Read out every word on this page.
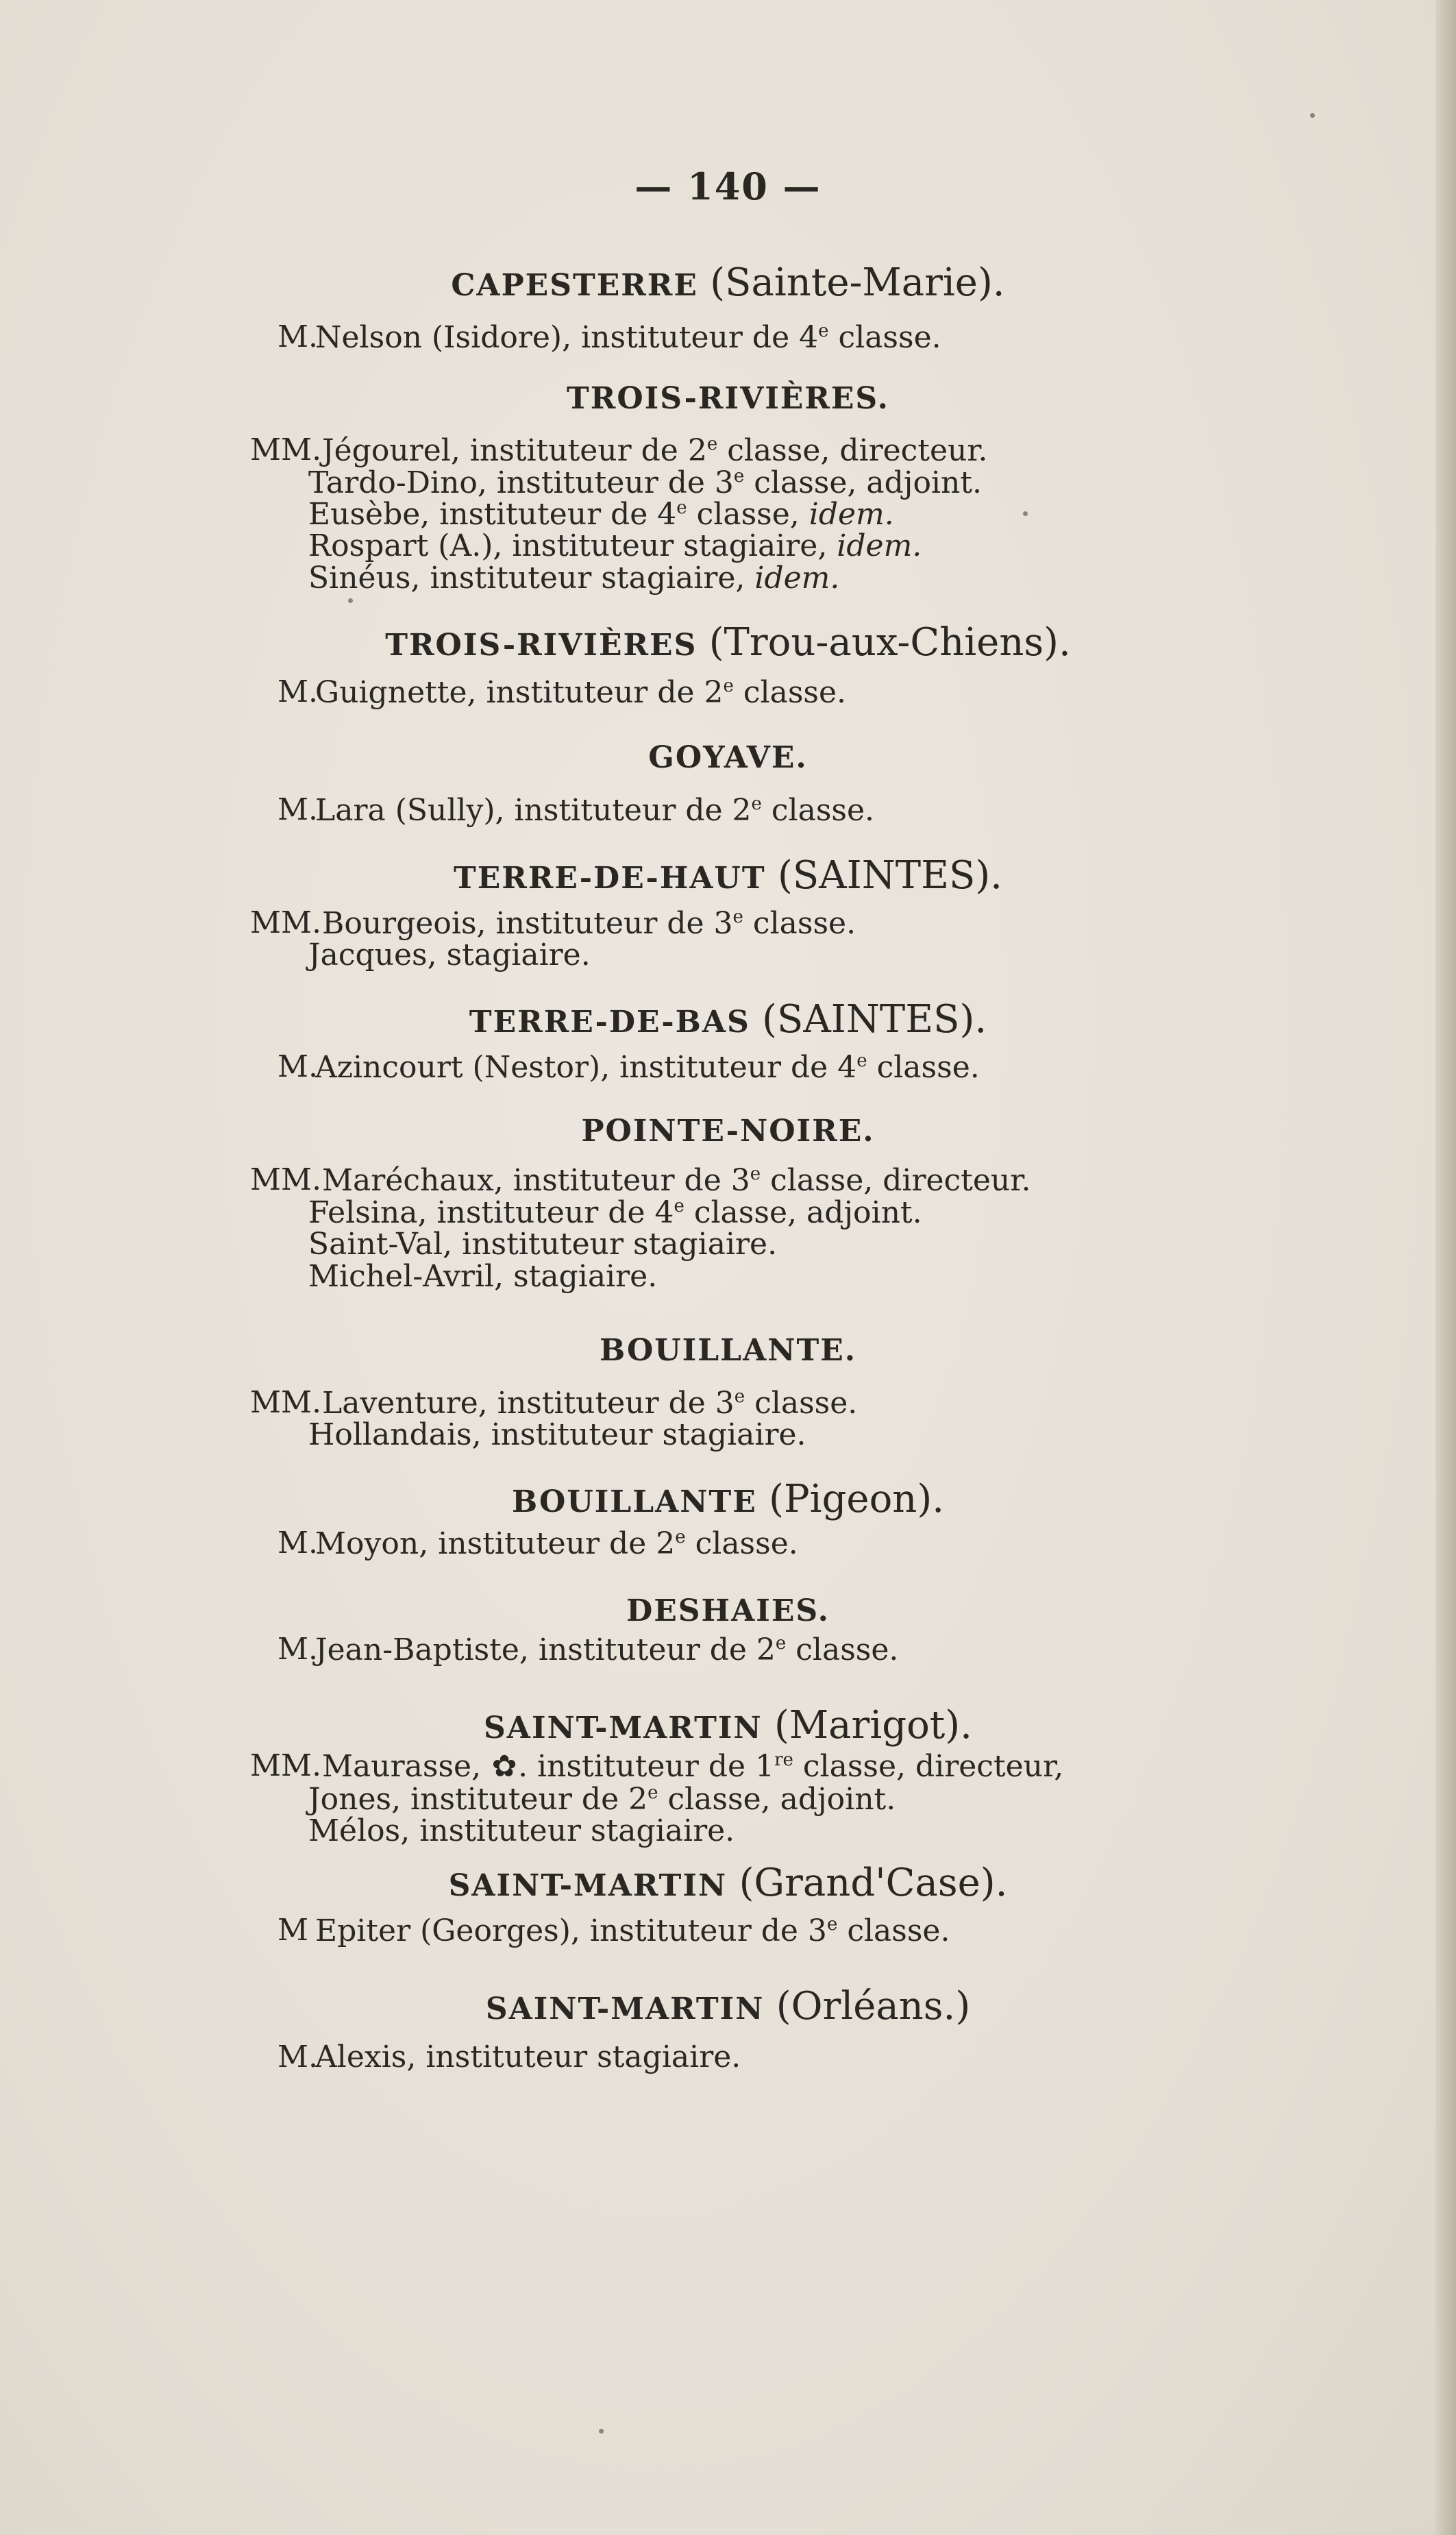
— 140 —
CAPESTERRE (Sainte-Marie).
M.
Nelson (Isidore), instituteur de 4e classe.
TROIS-RIVIÈRES.
MM. Jégourel, instituteur de 2e classe, directeur.
Tardo-Dino, instituteur de 3e classe, adjoint.
Eusèbe, instituteur de 4e classe, idem.
Rospart (A.), instituteur stagiaire, idem.
Sinéus, instituteur stagiaire, idem.
TROIS-RIVIÈRES (Trou-aux-Chiens).
M.
Guignette, instituteur de 2e classe.
GOYAVE.
M.
Lara (Sully), instituteur de 2e classe.
TERRE-DE-HAUT (SAINTES).
MM. Bourgeois, instituteur de 3e classe.
Jacques, stagiaire.
TERRE-DE-BAS (SAINTES).
M.
Azincourt (Nestor), instituteur de 4e classe.
POINTE-NOIRE.
MM. Maréchaux, instituteur de 3e classe, directeur.
Felsina, instituteur de 4e classe, adjoint.
Saint-Val, instituteur stagiaire.
Michel-Avril, stagiaire.
BOUILLANTE.
MM. Laventure, instituteur de 3e classe.
Hollandais, instituteur stagiaire.
BOUILLANTE (Pigeon).
M.
Moyon, instituteur de 2e classe.
DESHAIES.
M.
Jean-Baptiste, instituteur de 2e classe.
SAINT-MARTIN (Marigot).
MM. Maurasse, ✿. instituteur de 1re classe, directeur,
Jones, instituteur de 2e classe, adjoint.
Mélos, instituteur stagiaire.
SAINT-MARTIN (Grand'Case).
M Epiter (Georges), instituteur de 3e classe.
SAINT-MARTIN (Orléans.)
M.
Alexis, instituteur stagiaire.
